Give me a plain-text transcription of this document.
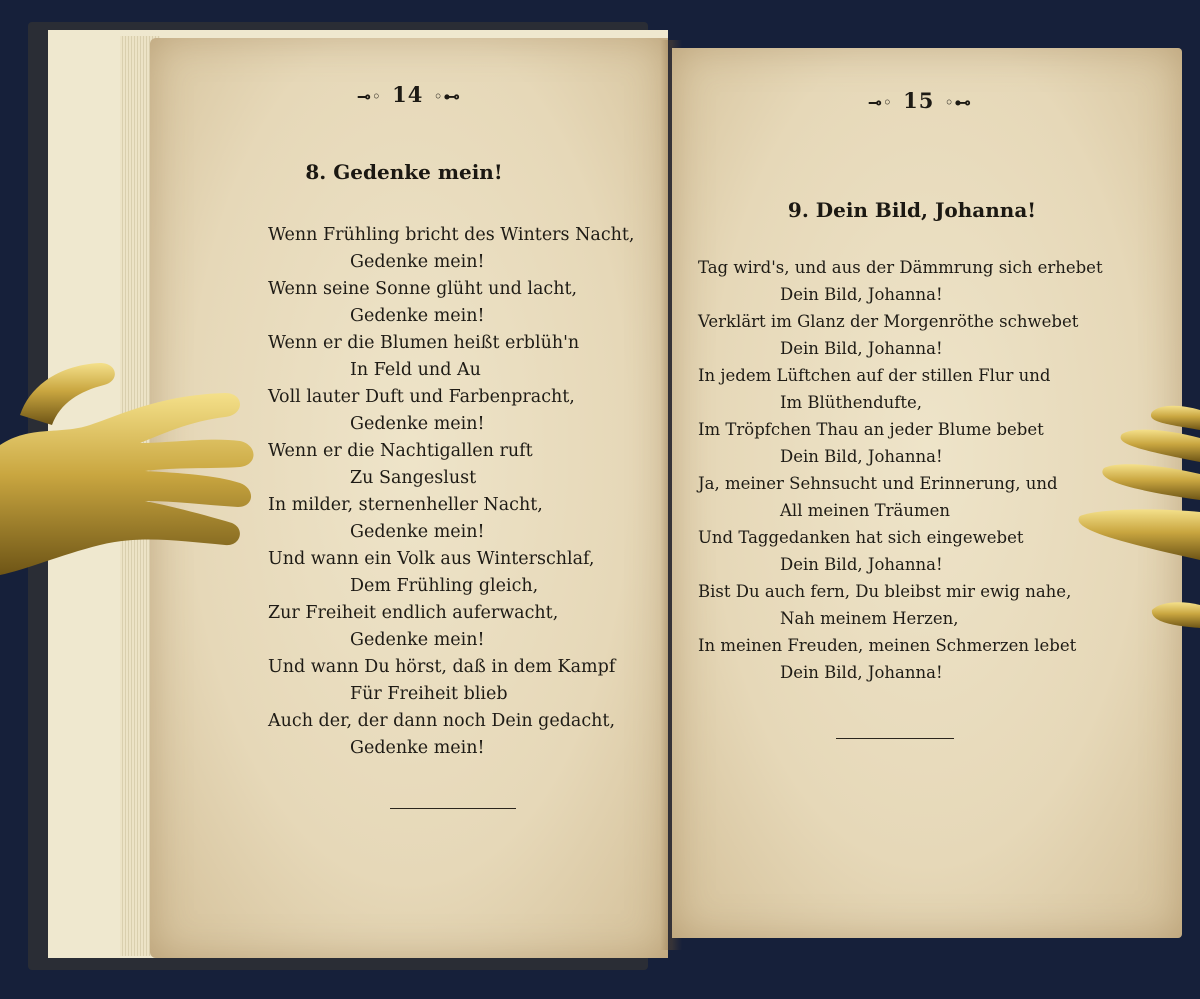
⊸◦ 14 ◦⊷
8. Gedenke mein!
Wenn Frühling bricht des Winters Nacht,
Gedenke mein!
Wenn seine Sonne glüht und lacht,
Gedenke mein!
Wenn er die Blumen heißt erblüh'n
In Feld und Au
Voll lauter Duft und Farbenpracht,
Gedenke mein!
Wenn er die Nachtigallen ruft
Zu Sangeslust
In milder, sternenheller Nacht,
Gedenke mein!
Und wann ein Volk aus Winterschlaf,
Dem Frühling gleich,
Zur Freiheit endlich auferwacht,
Gedenke mein!
Und wann Du hörst, daß in dem Kampf
Für Freiheit blieb
Auch der, der dann noch Dein gedacht,
Gedenke mein!
⊸◦ 15 ◦⊷
9. Dein Bild, Johanna!
Tag wird's, und aus der Dämmrung sich erhebet
Dein Bild, Johanna!
Verklärt im Glanz der Morgenröthe schwebet
Dein Bild, Johanna!
In jedem Lüftchen auf der stillen Flur und
Im Blüthendufte,
Im Tröpfchen Thau an jeder Blume bebet
Dein Bild, Johanna!
Ja, meiner Sehnsucht und Erinnerung, und
All meinen Träumen
Und Taggedanken hat sich eingewebet
Dein Bild, Johanna!
Bist Du auch fern, Du bleibst mir ewig nahe,
Nah meinem Herzen,
In meinen Freuden, meinen Schmerzen lebet
Dein Bild, Johanna!
